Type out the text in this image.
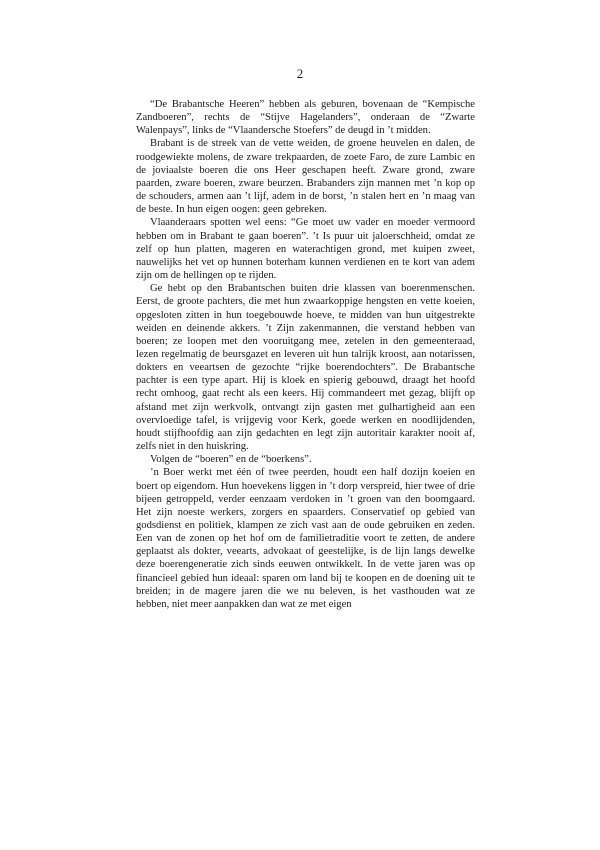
2

“De Brabantsche Heeren” hebben als geburen, bovenaan de “Kempische Zandboeren”, rechts de “Stijve Hagelanders”, onderaan de “Zwarte Walenpays”, links de “Vlaandersche Stoefers” de deugd in ’t midden.

Brabant is de streek van de vette weiden, de groene heuvelen en dalen, de roodgewiekte molens, de zware trekpaarden, de zoete Faro, de zure Lambic en de joviaalste boeren die ons Heer geschapen heeft. Zware grond, zware paarden, zware boeren, zware beurzen. Brabanders zijn mannen met ’n kop op de schouders, armen aan ’t lijf, adem in de borst, ’n stalen hert en ’n maag van de beste. In hun eigen oogen: geen gebreken.

Vlaanderaars spotten wel eens: “Ge moet uw vader en moeder vermoord hebben om in Brabant te gaan boeren”. ’t Is puur uit jaloerschheid, omdat ze zelf op hun platten, mageren en waterachtigen grond, met kuipen zweet, nauwelijks het vet op hunnen boterham kunnen verdienen en te kort van adem zijn om de hellingen op te rijden.

Ge hebt op den Brabantschen buiten drie klassen van boerenmenschen. Eerst, de groote pachters, die met hun zwaarkoppige hengsten en vette koeien, opgesloten zitten in hun toegebouwde hoeve, te midden van hun uitgestrekte weiden en deinende akkers. ’t Zijn zakenmannen, die verstand hebben van boeren; ze loopen met den vooruitgang mee, zetelen in den gemeenteraad, lezen regelmatig de beursgazet en leveren uit hun talrijk kroost, aan notarissen, dokters en veeartsen de gezochte “rijke boerendochters”. De Brabantsche pachter is een type apart. Hij is kloek en spierig gebouwd, draagt het hoofd recht omhoog, gaat recht als een keers. Hij commandeert met gezag, blijft op afstand met zijn werkvolk, ontvangt zijn gasten met gulhartigheid aan een overvloedige tafel, is vrijgevig voor Kerk, goede werken en noodlijdenden, houdt stijfhoofdig aan zijn gedachten en legt zijn autoritair karakter nooit af, zelfs niet in den huiskring.

Volgen de “boeren” en de “boerkens”.

’n Boer werkt met één of twee peerden, houdt een half dozijn koeien en boert op eigendom. Hun hoevekens liggen in ’t dorp verspreid, hier twee of drie bijeen getroppeld, verder eenzaam verdoken in ’t groen van den boomgaard. Het zijn noeste werkers, zorgers en spaarders. Conservatief op gebied van godsdienst en politiek, klampen ze zich vast aan de oude gebruiken en zeden. Een van de zonen op het hof om de familietraditie voort te zetten, de andere geplaatst als dokter, veearts, advokaat of geestelijke, is de lijn langs dewelke deze boerengeneratie zich sinds eeuwen ontwikkelt. In de vette jaren was op financieel gebied hun ideaal: sparen om land bij te koopen en de doening uit te breiden; in de magere jaren die we nu beleven, is het vasthouden wat ze hebben, niet meer aanpakken dan wat ze met eigen
